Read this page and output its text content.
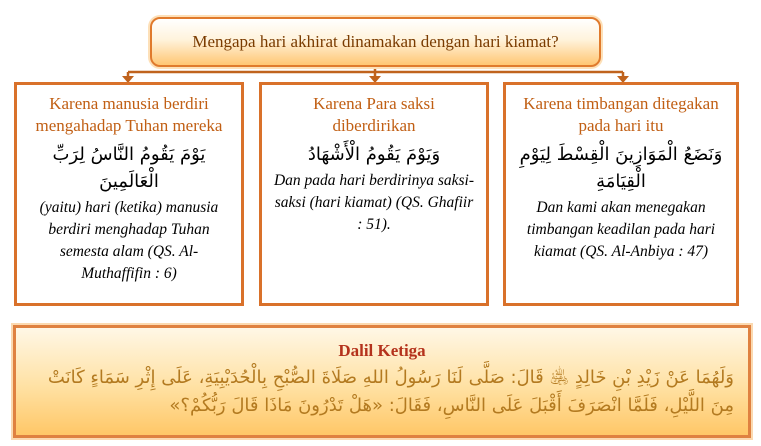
Mengapa hari akhirat dinamakan dengan hari kiamat?
Karena manusia berdiri mengahadap Tuhan mereka
يَوْمَ يَقُومُ النَّاسُ لِرَبِّ الْعَالَمِينَ
(yaitu) hari (ketika) manusia berdiri menghadap Tuhan semesta alam (QS. Al-Muthaffifin : 6)
Karena Para saksi diberdirikan
وَيَوْمَ يَقُومُ الْأَشْهَادُ
Dan pada hari berdirinya saksi-saksi (hari kiamat) (QS. Ghafiir : 51).
Karena timbangan ditegakan pada hari itu
وَنَضَعُ الْمَوَازِينَ الْقِسْطَ لِيَوْمِ الْقِيَامَةِ
Dan kami akan menegakan timbangan keadilan pada hari kiamat (QS. Al-Anbiya : 47)
Dalil Ketiga
وَلَهُمَا عَنْ زَيْدِ بْنِ خَالِدٍ ﵁ قَالَ: صَلَّى لَنَا رَسُولُ اللهِ صَلَاةَ الصُّبْحِ بِالْحُدَيْبِيَةِ، عَلَى إِثْرِ سَمَاءٍ كَانَتْ مِنَ اللَّيْلِ، فَلَمَّا انْصَرَفَ أَقْبَلَ عَلَى النَّاسِ، فَقَالَ: «هَلْ تَدْرُونَ مَاذَا قَالَ رَبُّكُمْ؟»
